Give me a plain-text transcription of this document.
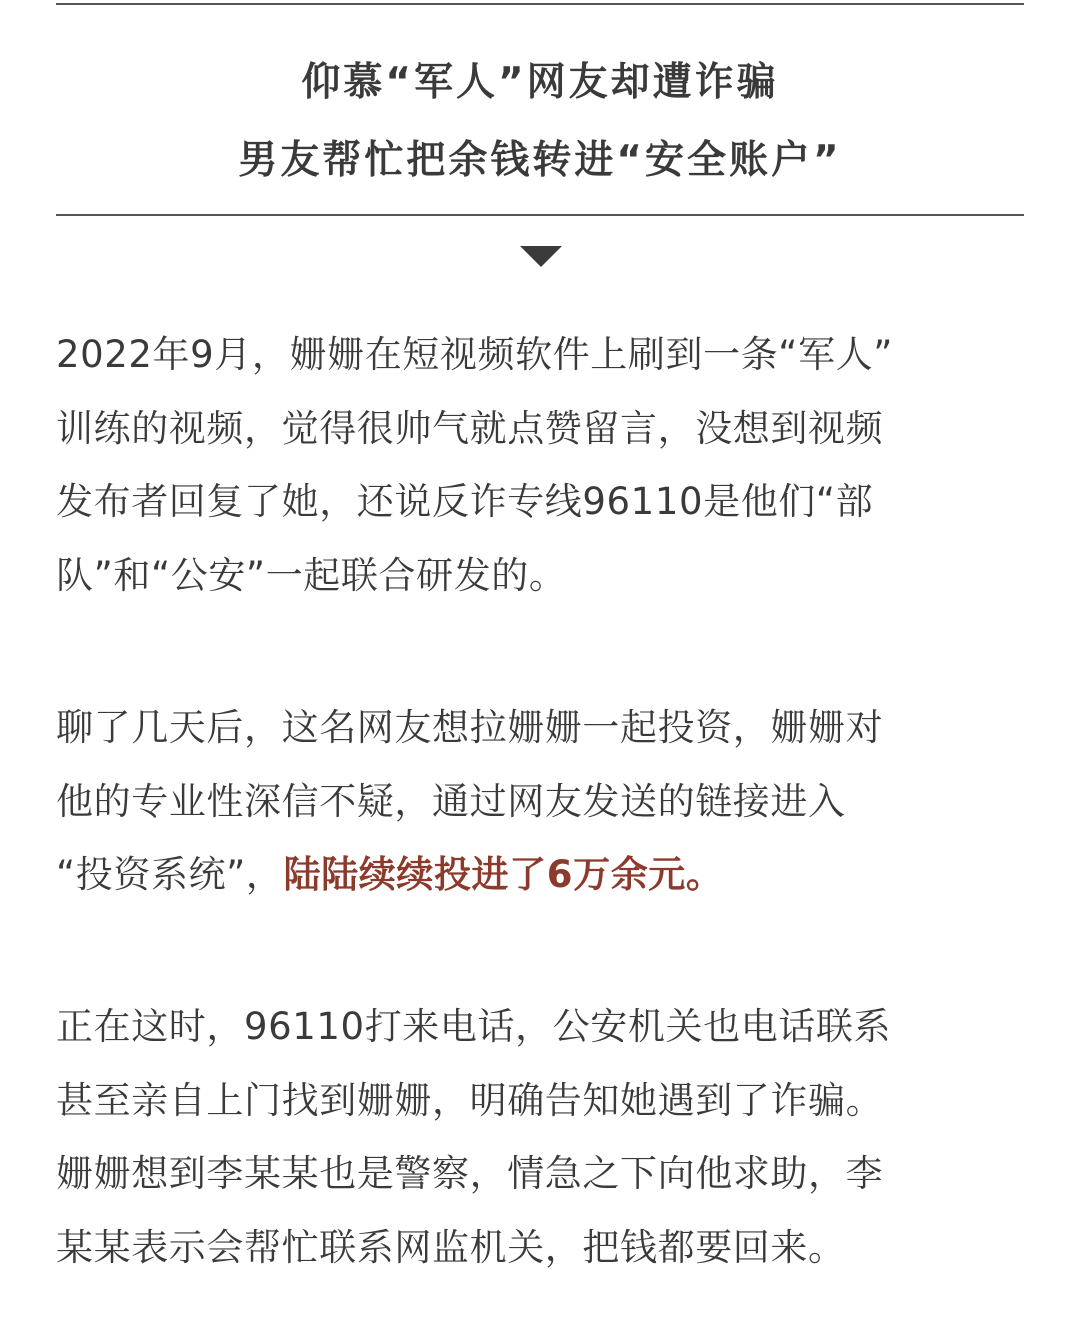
仰慕“军人”网友却遭诈骗
男友帮忙把余钱转进“安全账户”
2022年9月，姗姗在短视频软件上刷到一条“军人”
训练的视频，觉得很帅气就点赞留言，没想到视频
发布者回复了她，还说反诈专线96110是他们“部
队”和“公安”一起联合研发的。
聊了几天后，这名网友想拉姗姗一起投资，姗姗对
他的专业性深信不疑，通过网友发送的链接进入
“投资系统”，陆陆续续投进了6万余元。
正在这时，96110打来电话，公安机关也电话联系
甚至亲自上门找到姗姗，明确告知她遇到了诈骗。
姗姗想到李某某也是警察，情急之下向他求助，李
某某表示会帮忙联系网监机关，把钱都要回来。
